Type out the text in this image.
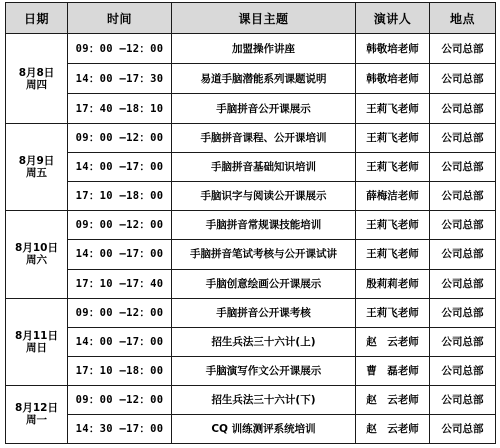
日期	时间	课目主题	演讲人	地点

8月8日
周四	09：00 —12：00	加盟操作讲座	韩敬培老师	公司总部
	14：00 —17：30	易道手脑潜能系列课题说明	韩敬培老师	公司总部
	17：40 —18：10	手脑拼音公开课展示	王莉飞老师	公司总部

8月9日
周五	09：00 —12：00	手脑拼音课程、公开课培训	王莉飞老师	公司总部
	14：00 —17：00	手脑拼音基础知识培训	王莉飞老师	公司总部
	17：10 —18：00	手脑识字与阅读公开课展示	薛梅洁老师	公司总部

8月10日
周六	09：00 —12：00	手脑拼音常规课技能培训	王莉飞老师	公司总部
	14：00 —17：00	手脑拼音笔试考核与公开课试讲	王莉飞老师	公司总部
	17：10 —17：40	手脑创意绘画公开课展示	殷莉莉老师	公司总部

8月11日
周日	09：00 —12：00	手脑拼音公开课考核	王莉飞老师	公司总部
	14：00 —17：00	招生兵法三十六计(上)	赵　云老师	公司总部
	17：10 —18：00	手脑演写作文公开课展示	曹　磊老师	公司总部

8月12日
周一	09：00 —12：00	招生兵法三十六计(下)	赵　云老师	公司总部
	14：30 —17：00	CQ 训练测评系统培训	赵　云老师	公司总部
